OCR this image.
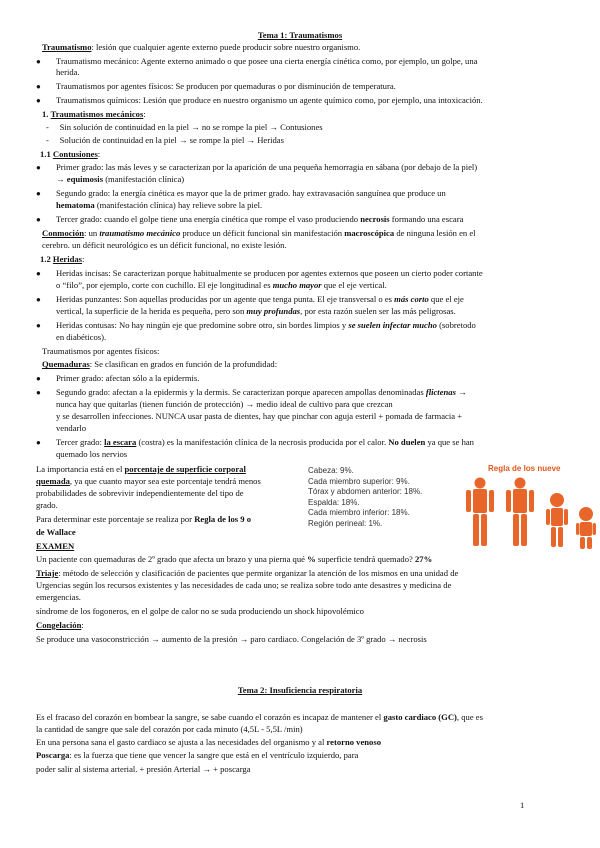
Tema 1: Traumatismos
Traumatismo: lesión que cualquier agente externo puede producir sobre nuestro organismo.
● Traumatismo mecánico: Agente externo animado o que posee una cierta energía cinética como, por ejemplo, un golpe, una
herida.
● Traumatismos por agentes físicos: Se producen por quemaduras o por disminución de temperatura.
● Traumatismos químicos: Lesión que produce en nuestro organismo un agente químico como, por ejemplo, una intoxicación.
1. Traumatismos mecánicos:
-     Sin solución de continuidad en la piel → no se rompe la piel → Contusiones
-     Solución de continuidad en la piel → se rompe la piel → Heridas
1.1 Contusiones:
● Primer grado: las más leves y se caracterizan por la aparición de una pequeña hemorragia en sábana (por debajo de la piel)
→ equimosis (manifestación clínica)
● Segundo grado: la energía cinética es mayor que la de primer grado. hay extravasación sanguínea que produce un
hematoma (manifestación clínica) hay relieve sobre la piel.
● Tercer grado: cuando el golpe tiene una energía cinética que rompe el vaso produciendo necrosis formando una escara
Conmoción: un traumatismo mecánico produce un déficit funcional sin manifestación macroscópica de ninguna lesión en el
cerebro. un déficit neurológico es un déficit funcional, no existe lesión.
1.2 Heridas:
● Heridas incisas: Se caracterizan porque habitualmente se producen por agentes externos que poseen un cierto poder cortante
o “filo”, por ejemplo, corte con cuchillo. El eje longitudinal es mucho mayor que el eje vertical.
● Heridas punzantes: Son aquellas producidas por un agente que tenga punta. El eje transversal o es más corto que el eje
vertical, la superficie de la herida es pequeña, pero son muy profundas, por esta razón suelen ser las más peligrosas.
● Heridas contusas: No hay ningún eje que predomine sobre otro, sin bordes limpios y se suelen infectar mucho (sobretodo
en diabéticos).
Traumatismos por agentes físicos:
Quemaduras: Se clasifican en grados en función de la profundidad:
● Primer grado: afectan sólo a la epidermis.
● Segundo grado: afectan a la epidermis y la dermis. Se caracterizan porque aparecen ampollas denominadas flictenas →
nunca hay que quitarlas (tienen función de protección) → medio ideal de cultivo para que crezcan
y se desarrollen infecciones. NUNCA usar pasta de dientes, hay que pinchar con aguja esteril + pomada de farmacia +
vendarlo
● Tercer grado: la escara (costra) es la manifestación clínica de la necrosis producida por el calor. No duelen ya que se han
quemado los nervios
La importancia está en el porcentaje de superficie corporal
quemada, ya que cuanto mayor sea este porcentaje tendrá menos
probabilidades de sobrevivir independientemente del tipo de
grado.
Para determinar este porcentaje se realiza por Regla de los 9 o
de Wallace
Cabeza: 9%.
Cada miembro superior: 9%.
Tórax y abdomen anterior: 18%.
Espalda: 18%.
Cada miembro inferior: 18%.
Región perineal: 1%.
Regla de los nueve
EXAMEN
Un paciente con quemaduras de 2º grado que afecta un brazo y una pierna qué % superficie tendrá quemado? 27%
Triaje: método de selección y clasificación de pacientes que permite organizar la atención de los mismos en una unidad de
Urgencias según los recursos existentes y las necesidades de cada uno; se realiza sobre todo ante desastres y medicina de
emergencias.
síndrome de los fogoneros, en el golpe de calor no se suda produciendo un shock hipovolémico
Congelación:
Se produce una vasoconstricción → aumento de la presión → paro cardiaco. Congelación de 3º grado → necrosis
Tema 2: Insuficiencia respiratoria
Es el fracaso del corazón en bombear la sangre, se sabe cuando el corazón es incapaz de mantener el gasto cardiaco (GC), que es
la cantidad de sangre que sale del corazón por cada minuto (4,5L - 5,5L /min)
En una persona sana el gasto cardiaco se ajusta a las necesidades del organismo y al retorno venoso
Poscarga: es la fuerza que tiene que vencer la sangre que está en el ventrículo izquierdo, para
poder salir al sistema arterial. + presión Arterial → + poscarga
1
